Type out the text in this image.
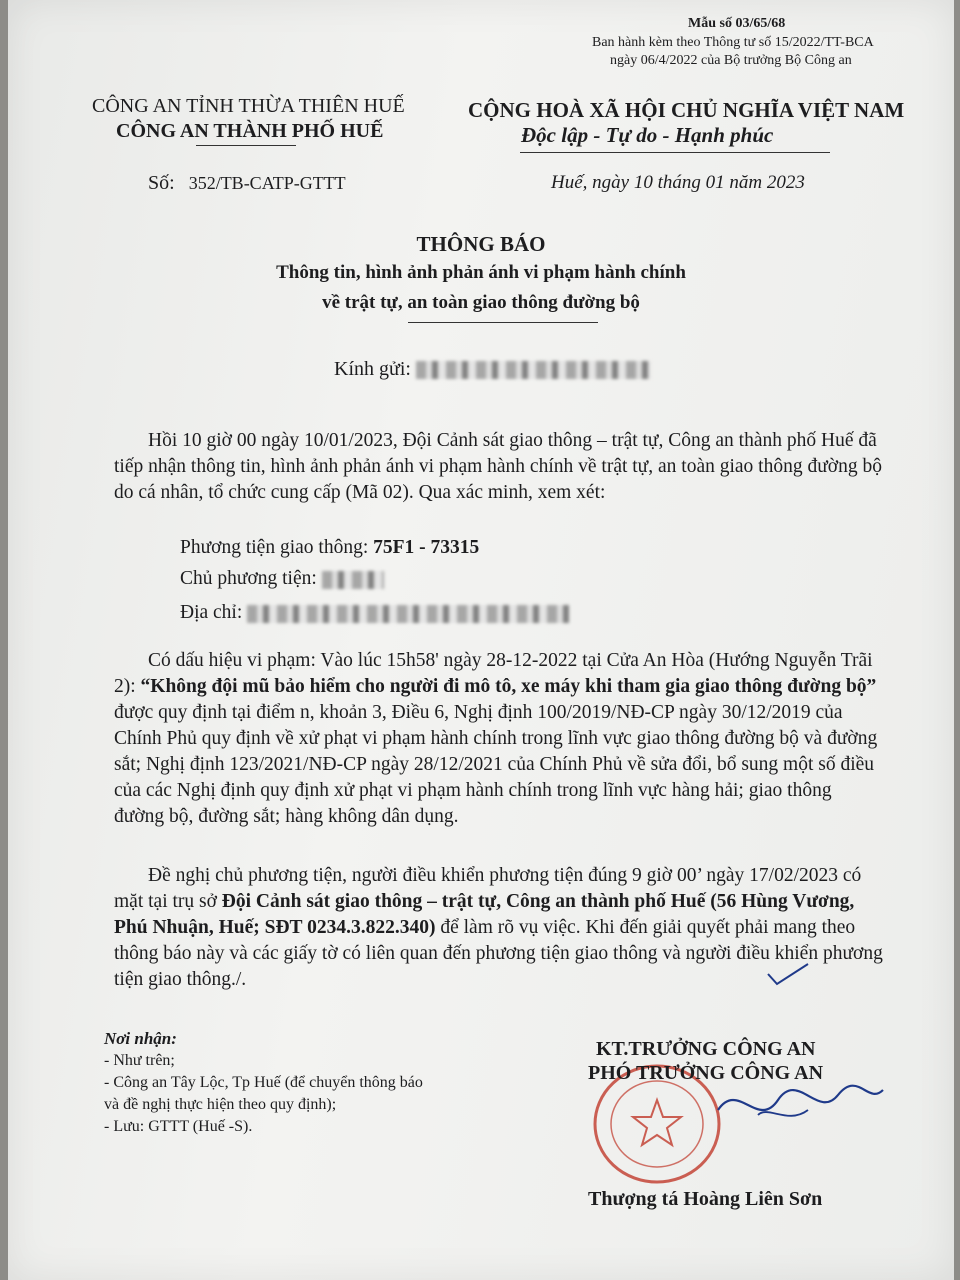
Mẫu số 03/65/68
Ban hành kèm theo Thông tư số 15/2022/TT-BCA
ngày 06/4/2022 của Bộ trưởng Bộ Công an
CÔNG AN TỈNH THỪA THIÊN HUẾ
CÔNG AN THÀNH PHỐ HUẾ
CỘNG HOÀ XÃ HỘI CHỦ NGHĨA VIỆT NAM
Độc lập - Tự do - Hạnh phúc
Số: 352/TB-CATP-GTTT	Huế, ngày 10 tháng 01 năm 2023
THÔNG BÁO
Thông tin, hình ảnh phản ánh vi phạm hành chính
về trật tự, an toàn giao thông đường bộ
Kính gửi:
Hồi 10 giờ 00 ngày 10/01/2023, Đội Cảnh sát giao thông – trật tự, Công an thành phố Huế đã tiếp nhận thông tin, hình ảnh phản ánh vi phạm hành chính về trật tự, an toàn giao thông đường bộ do cá nhân, tổ chức cung cấp (Mã 02). Qua xác minh, xem xét:
Phương tiện giao thông: 75F1 - 73315
Chủ phương tiện:
Địa chỉ:
Có dấu hiệu vi phạm: Vào lúc 15h58' ngày 28-12-2022 tại Cửa An Hòa (Hướng Nguyễn Trãi 2): “Không đội mũ bảo hiểm cho người đi mô tô, xe máy khi tham gia giao thông đường bộ” được quy định tại điểm n, khoản 3, Điều 6, Nghị định 100/2019/NĐ-CP ngày 30/12/2019 của Chính Phủ quy định về xử phạt vi phạm hành chính trong lĩnh vực giao thông đường bộ và đường sắt; Nghị định 123/2021/NĐ-CP ngày 28/12/2021 của Chính Phủ về sửa đổi, bổ sung một số điều của các Nghị định quy định xử phạt vi phạm hành chính trong lĩnh vực hàng hải; giao thông đường bộ, đường sắt; hàng không dân dụng.
Đề nghị chủ phương tiện, người điều khiển phương tiện đúng 9 giờ 00’ ngày 17/02/2023 có mặt tại trụ sở Đội Cảnh sát giao thông – trật tự, Công an thành phố Huế (56 Hùng Vương, Phú Nhuận, Huế; SĐT 0234.3.822.340) để làm rõ vụ việc. Khi đến giải quyết phải mang theo thông báo này và các giấy tờ có liên quan đến phương tiện giao thông và người điều khiển phương tiện giao thông./.
Nơi nhận:
- Như trên;
- Công an Tây Lộc, Tp Huế (để chuyển thông báo
và đề nghị thực hiện theo quy định);
- Lưu: GTTT (Huế -S).
KT.TRƯỞNG CÔNG AN
PHÓ TRƯỞNG CÔNG AN
Thượng tá Hoàng Liên Sơn
